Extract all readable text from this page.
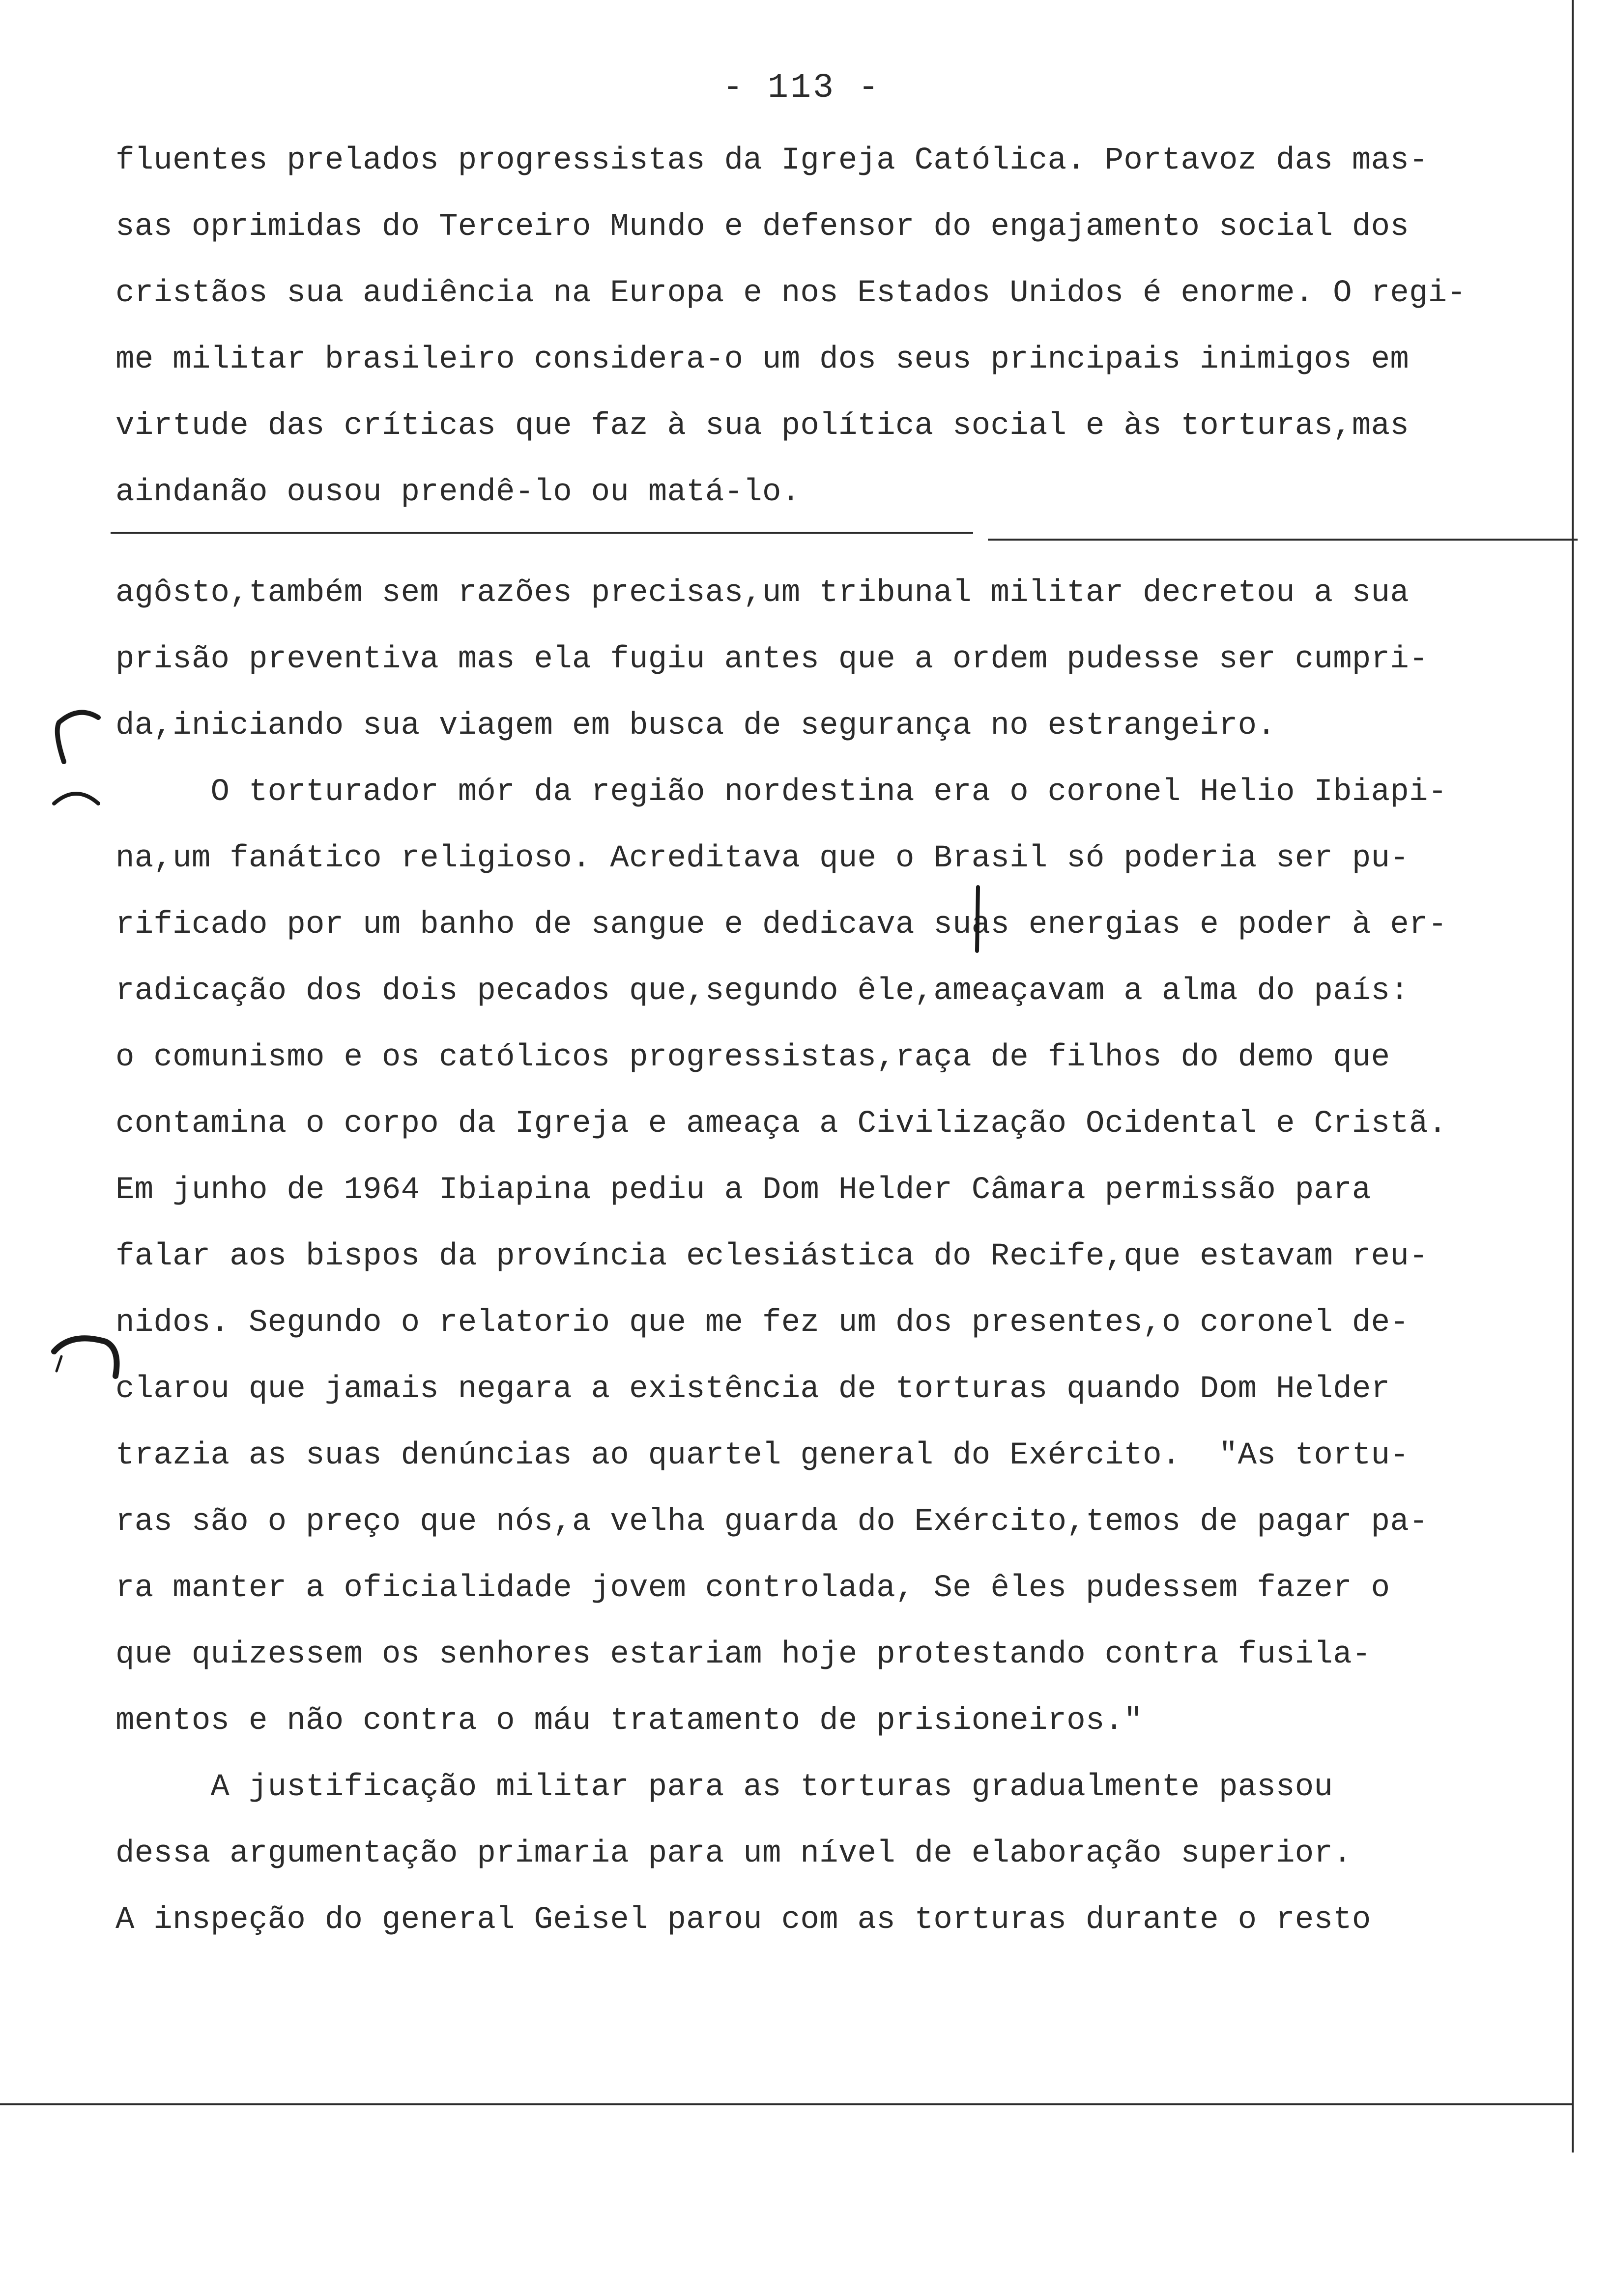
- 113 -
fluentes prelados progressistas da Igreja Católica. Portavoz das mas-
sas oprimidas do Terceiro Mundo e defensor do engajamento social dos
cristãos sua audiência na Europa e nos Estados Unidos é enorme. O regi-
me militar brasileiro considera-o um dos seus principais inimigos em
virtude das críticas que faz à sua política social e às torturas,mas
aindanão ousou prendê-lo ou matá-lo.
agôsto,também sem razões precisas,um tribunal militar decretou a sua
prisão preventiva mas ela fugiu antes que a ordem pudesse ser cumpri-
da,iniciando sua viagem em busca de segurança no estrangeiro.
O torturador mór da região nordestina era o coronel Helio Ibiapi-
na,um fanático religioso. Acreditava que o Brasil só poderia ser pu-
rificado por um banho de sangue e dedicava suas energias e poder à er-
radicação dos dois pecados que,segundo êle,ameaçavam a alma do país:
o comunismo e os católicos progressistas,raça de filhos do demo que
contamina o corpo da Igreja e ameaça a Civilização Ocidental e Cristã.
Em junho de 1964 Ibiapina pediu a Dom Helder Câmara permissão para
falar aos bispos da província eclesiástica do Recife,que estavam reu-
nidos. Segundo o relatorio que me fez um dos presentes,o coronel de-
clarou que jamais negara a existência de torturas quando Dom Helder
trazia as suas denúncias ao quartel general do Exército.  "As tortu-
ras são o preço que nós,a velha guarda do Exército,temos de pagar pa-
ra manter a oficialidade jovem controlada, Se êles pudessem fazer o
que quizessem os senhores estariam hoje protestando contra fusila-
mentos e não contra o máu tratamento de prisioneiros."
A justificação militar para as torturas gradualmente passou
dessa argumentação primaria para um nível de elaboração superior.
A inspeção do general Geisel parou com as torturas durante o resto
